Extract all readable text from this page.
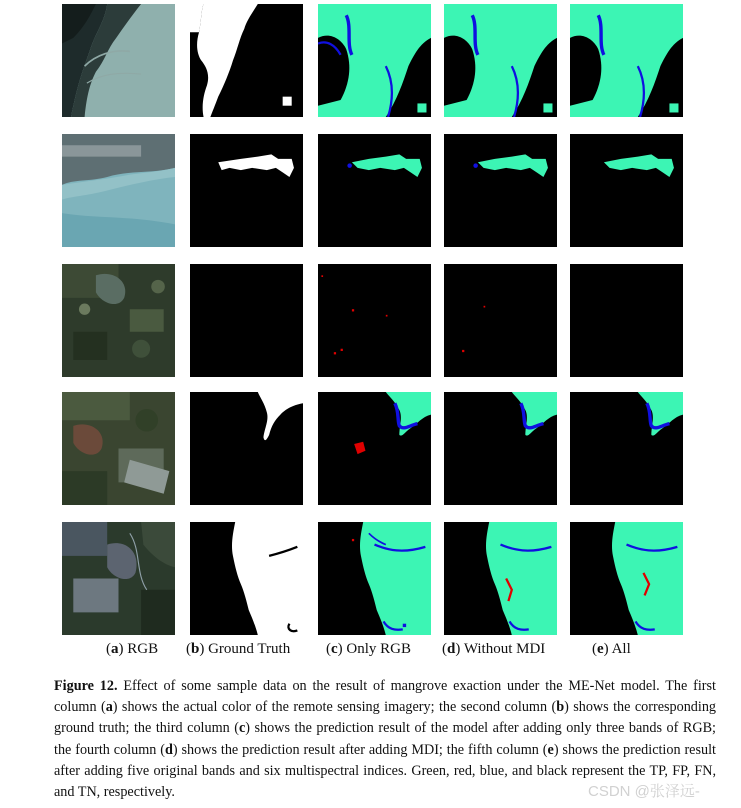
(a) RGB (b) Ground Truth (c) Only RGB (d) Without MDI	(e) All
Figure 12. Effect of some sample data on the result of mangrove exaction under the ME-Net model. The first column (a) shows the actual color of the remote sensing imagery; the second column (b) shows the corresponding ground truth; the third column (c) shows the prediction result of the model after adding only three bands of RGB; the fourth column (d) shows the prediction result after adding MDI; the fifth column (e) shows the prediction result after adding five original bands and six multispectral indices. Green, red, blue, and black represent the TP, FP, FN, and TN, respectively.	CSDN @张泽远-
